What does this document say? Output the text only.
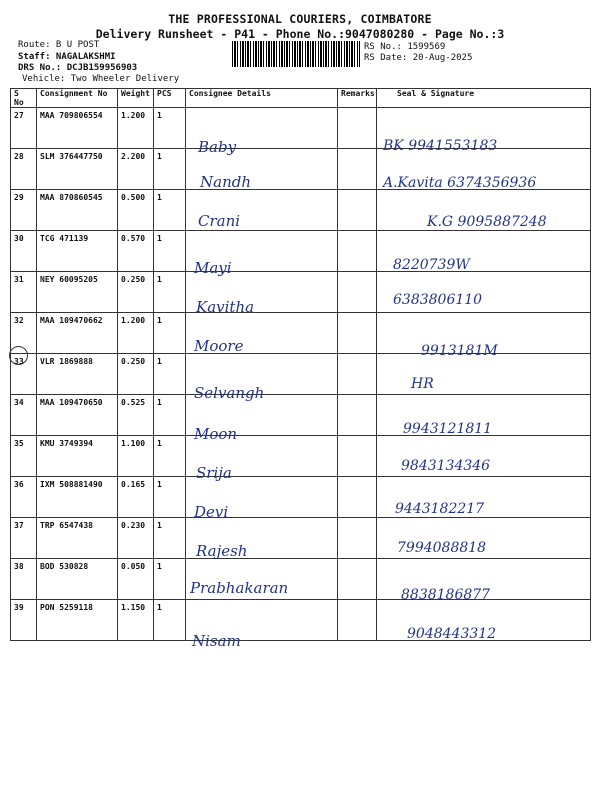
THE PROFESSIONAL COURIERS, COIMBATORE
Delivery Runsheet - P41 - Phone No.:9047080280 - Page No.:3
Route: B U POST
Staff: NAGALAKSHMI
DRS No.: DCJB159956903
Vehicle: Two Wheeler Delivery
RS No.: 1599569
RS Date: 20-Aug-2025
S No	Consignment No	Weight	PCS	Consignee Details	Remarks	Seal & Signature
27	MAA 709806554	1.200	1	Baby		BK 9941553183

28	SLM 376447750	2.200	1	Nandh		A.Kavita 6374356936

29	MAA 870860545	0.500	1	Crani		K.G 9095887248

30	TCG 471139	0.570	1	Mayi		8220739W

31	NEY 60095205	0.250	1	Kavitha		6383806110

32	MAA 109470662	1.200	1	Moore		9913181M

33	VLR 1869888	0.250	1	Selvangh		HR

34	MAA 109470650	0.525	1	Moon		9943121811

35	KMU 3749394	1.100	1	Srija		9843134346

36	IXM 508881490	0.165	1	Devi		9443182217

37	TRP 6547438	0.230	1	Rajesh		7994088818

38	BOD 530828	0.050	1	Prabhakaran		8838186877

39	PON 5259118	1.150	1	Nisam		9048443312
